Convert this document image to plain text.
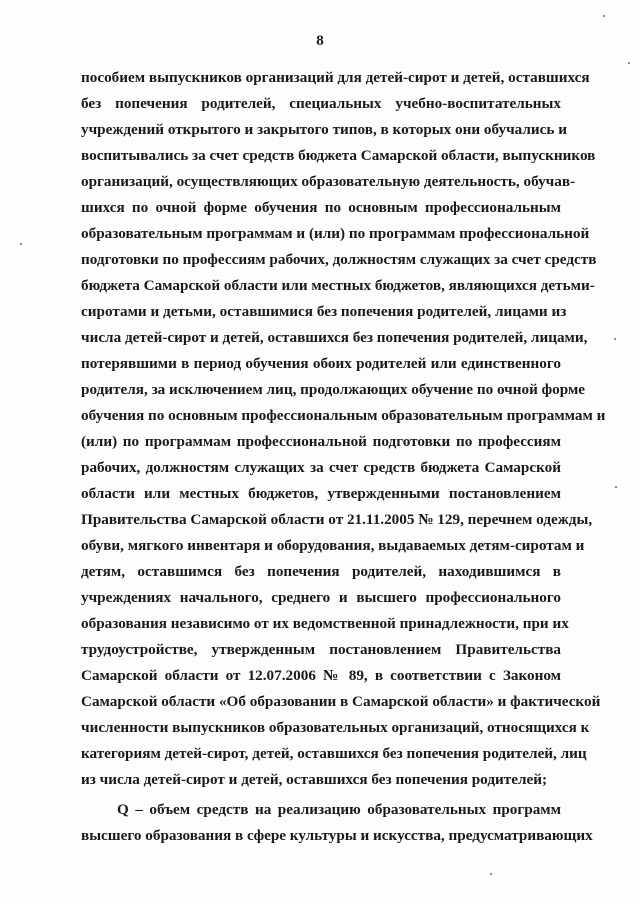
8
пособием выпускников организаций для детей-сирот и детей, оставшихся
без попечения родителей, специальных учебно-воспитательных
учреждений открытого и закрытого типов, в которых они обучались и
воспитывались за счет средств бюджета Самарской области, выпускников
организаций, осуществляющих образовательную деятельность, обучав-
шихся по очной форме обучения по основным профессиональным
образовательным программам и (или) по программам профессиональной
подготовки по профессиям рабочих, должностям служащих за счет средств
бюджета Самарской области или местных бюджетов, являющихся детьми-
сиротами и детьми, оставшимися без попечения родителей, лицами из
числа детей-сирот и детей, оставшихся без попечения родителей, лицами,
потерявшими в период обучения обоих родителей или единственного
родителя, за исключением лиц, продолжающих обучение по очной форме
обучения по основным профессиональным образовательным программам и
(или) по программам профессиональной подготовки по профессиям
рабочих, должностям служащих за счет средств бюджета Самарской
области или местных бюджетов, утвержденными постановлением
Правительства Самарской области от 21.11.2005 № 129, перечнем одежды,
обуви, мягкого инвентаря и оборудования, выдаваемых детям-сиротам и
детям, оставшимся без попечения родителей, находившимся в
учреждениях начального, среднего и высшего профессионального
образования независимо от их ведомственной принадлежности, при их
трудоустройстве, утвержденным постановлением Правительства
Самарской области от 12.07.2006 № 89, в соответствии с Законом
Самарской области «Об образовании в Самарской области» и фактической
численности выпускников образовательных организаций, относящихся к
категориям детей-сирот, детей, оставшихся без попечения родителей, лиц
из числа детей-сирот и детей, оставшихся без попечения родителей;
Q – объем средств на реализацию образовательных программ
высшего образования в сфере культуры и искусства, предусматривающих
